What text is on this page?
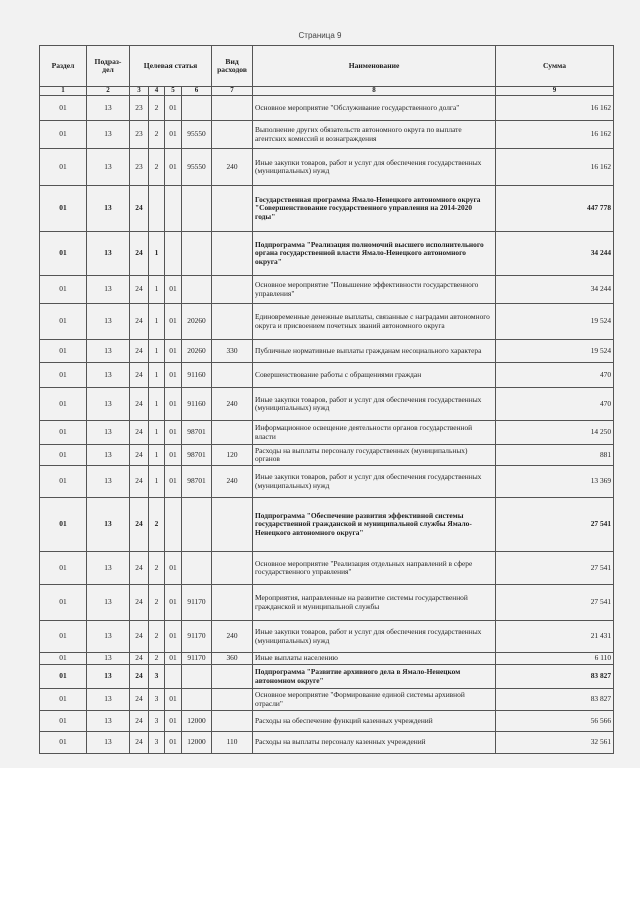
Страница 9
Раздел	Подраз-дел	Целевая статья				Вид расходов	Наименование	Сумма
1	2	3	4	5	6	7	8	9
01	13	23	2	01			Основное мероприятие "Обслуживание государственного долга"	16 162
01	13	23	2	01	95550		Выполнение других обязательств автономного округа по выплате агентских комиссий и вознаграждения	16 162
01	13	23	2	01	95550	240	Иные закупки товаров, работ и услуг для обеспечения государственных (муниципальных) нужд	16 162
01	13	24					Государственная программа Ямало-Ненецкого автономного округа "Совершенствование государственного управления на 2014-2020 годы"	447 778
01	13	24	1				Подпрограмма "Реализация полномочий высшего исполнительного органа государственной власти Ямало-Ненецкого автономного округа"	34 244
01	13	24	1	01			Основное мероприятие "Повышение эффективности государственного управления"	34 244
01	13	24	1	01	20260		Единовременные денежные выплаты, связанные с наградами автономного округа и присвоением почетных званий автономного округа	19 524
01	13	24	1	01	20260	330	Публичные нормативные выплаты гражданам несоциального характера	19 524
01	13	24	1	01	91160		Совершенствование работы с обращениями граждан	470
01	13	24	1	01	91160	240	Иные закупки товаров, работ и услуг для обеспечения государственных (муниципальных) нужд	470
01	13	24	1	01	98701		Информационное освещение деятельности органов государственной власти	14 250
01	13	24	1	01	98701	120	Расходы на выплаты персоналу государственных (муниципальных) органов	881
01	13	24	1	01	98701	240	Иные закупки товаров, работ и услуг для обеспечения государственных (муниципальных) нужд	13 369
01	13	24	2				Подпрограмма "Обеспечение развития эффективной системы государственной гражданской и муниципальной службы Ямало-Ненецкого автономного округа"	27 541
01	13	24	2	01			Основное мероприятие "Реализация отдельных направлений в сфере государственного управления"	27 541
01	13	24	2	01	91170		Мероприятия, направленные на развитие системы государственной гражданской и муниципальной службы	27 541
01	13	24	2	01	91170	240	Иные закупки товаров, работ и услуг для обеспечения государственных (муниципальных) нужд	21 431
01	13	24	2	01	91170	360	Иные выплаты населению	6 110
01	13	24	3				Подпрограмма "Развитие архивного дела в Ямало-Ненецком автономном округе"	83 827
01	13	24	3	01			Основное мероприятие "Формирование единой системы архивной отрасли"	83 827
01	13	24	3	01	12000		Расходы на обеспечение функций казенных учреждений	56 566
01	13	24	3	01	12000	110	Расходы на выплаты персоналу казенных учреждений	32 561
